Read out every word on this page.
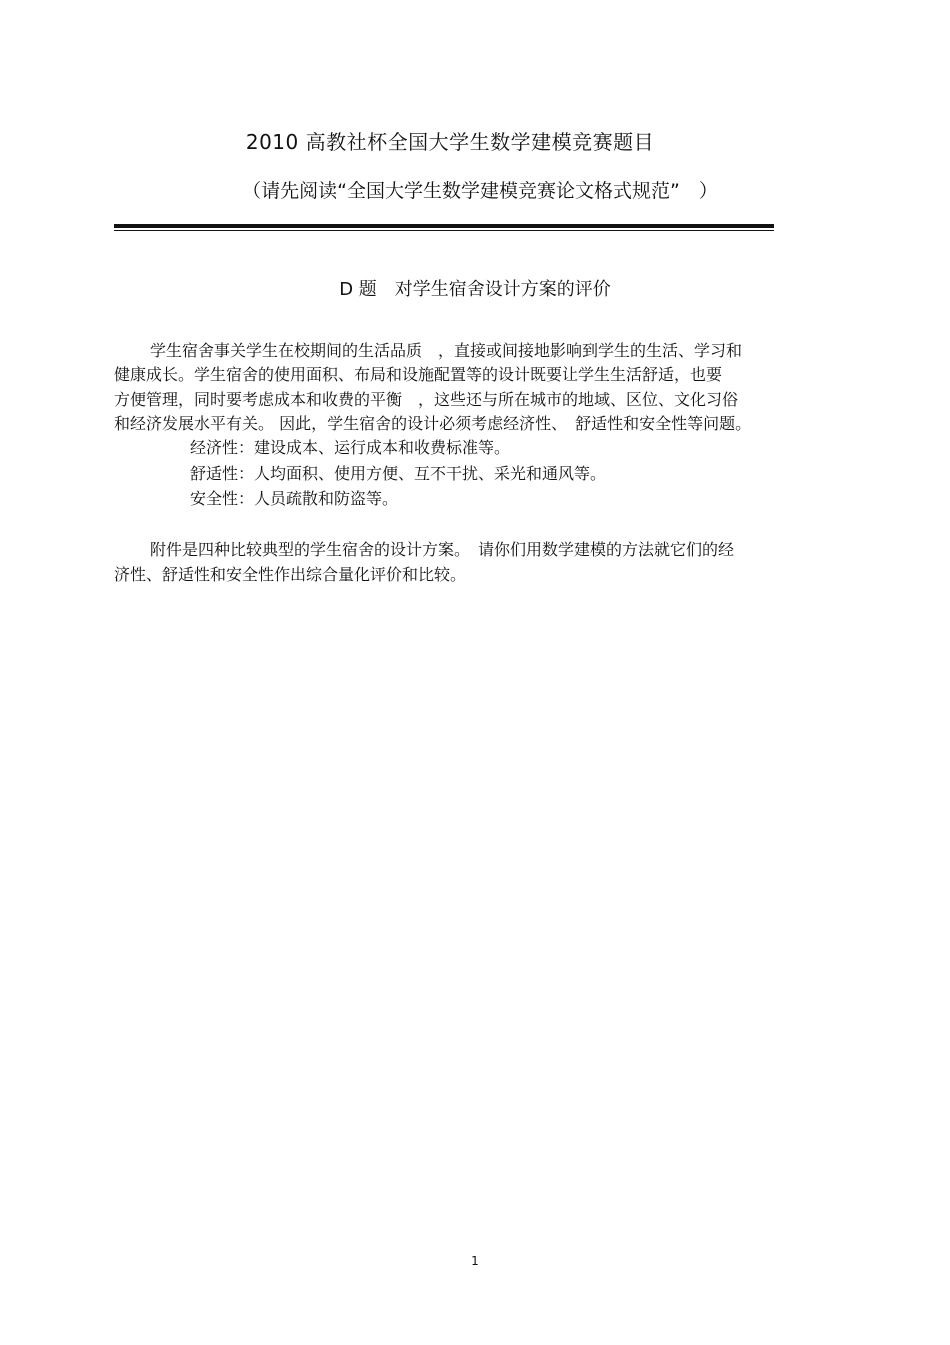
2010 高教社杯全国大学生数学建模竞赛题目
（请先阅读“全国大学生数学建模竞赛论文格式规范”　）
D 题　对学生宿舍设计方案的评价
学生宿舍事关学生在校期间的生活品质　，直接或间接地影响到学生的生活、学习和
健康成长。学生宿舍的使用面积、布局和设施配置等的设计既要让学生生活舒适，也要
方便管理，同时要考虑成本和收费的平衡　，这些还与所在城市的地域、区位、文化习俗
和经济发展水平有关。 因此，学生宿舍的设计必须考虑经济性、　舒适性和安全性等问题。
经济性：建设成本、运行成本和收费标准等。
舒适性：人均面积、使用方便、互不干扰、采光和通风等。
安全性：人员疏散和防盗等。
附件是四种比较典型的学生宿舍的设计方案。　请你们用数学建模的方法就它们的经
济性、舒适性和安全性作出综合量化评价和比较。
1
